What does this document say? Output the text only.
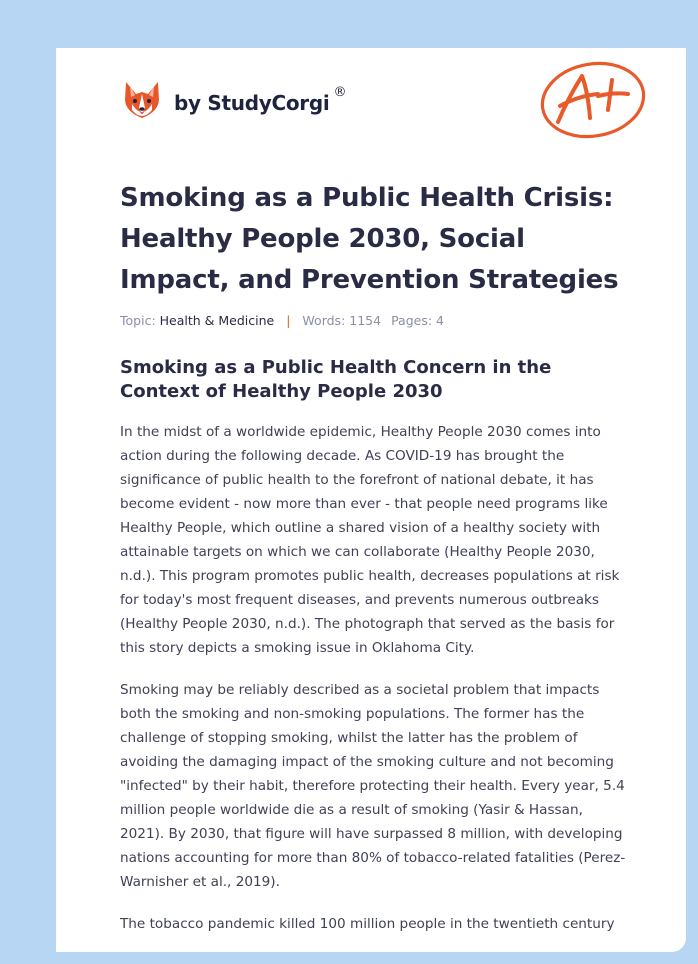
by StudyCorgi ®
Smoking as a Public Health Crisis: Healthy People 2030, Social Impact, and Prevention Strategies
Topic: Health & Medicine | Words: 1154 Pages: 4
Smoking as a Public Health Concern in the Context of Healthy People 2030

In the midst of a worldwide epidemic, Healthy People 2030 comes into action during the following decade. As COVID-19 has brought the significance of public health to the forefront of national debate, it has become evident - now more than ever - that people need programs like Healthy People, which outline a shared vision of a healthy society with attainable targets on which we can collaborate (Healthy People 2030, n.d.). This program promotes public health, decreases populations at risk for today's most frequent diseases, and prevents numerous outbreaks (Healthy People 2030, n.d.). The photograph that served as the basis for this story depicts a smoking issue in Oklahoma City.

Smoking may be reliably described as a societal problem that impacts both the smoking and non-smoking populations. The former has the challenge of stopping smoking, whilst the latter has the problem of avoiding the damaging impact of the smoking culture and not becoming "infected" by their habit, therefore protecting their health. Every year, 5.4 million people worldwide die as a result of smoking (Yasir & Hassan, 2021). By 2030, that figure will have surpassed 8 million, with developing nations accounting for more than 80% of tobacco-related fatalities (Perez-Warnisher et al., 2019).

The tobacco pandemic killed 100 million people in the twentieth century
